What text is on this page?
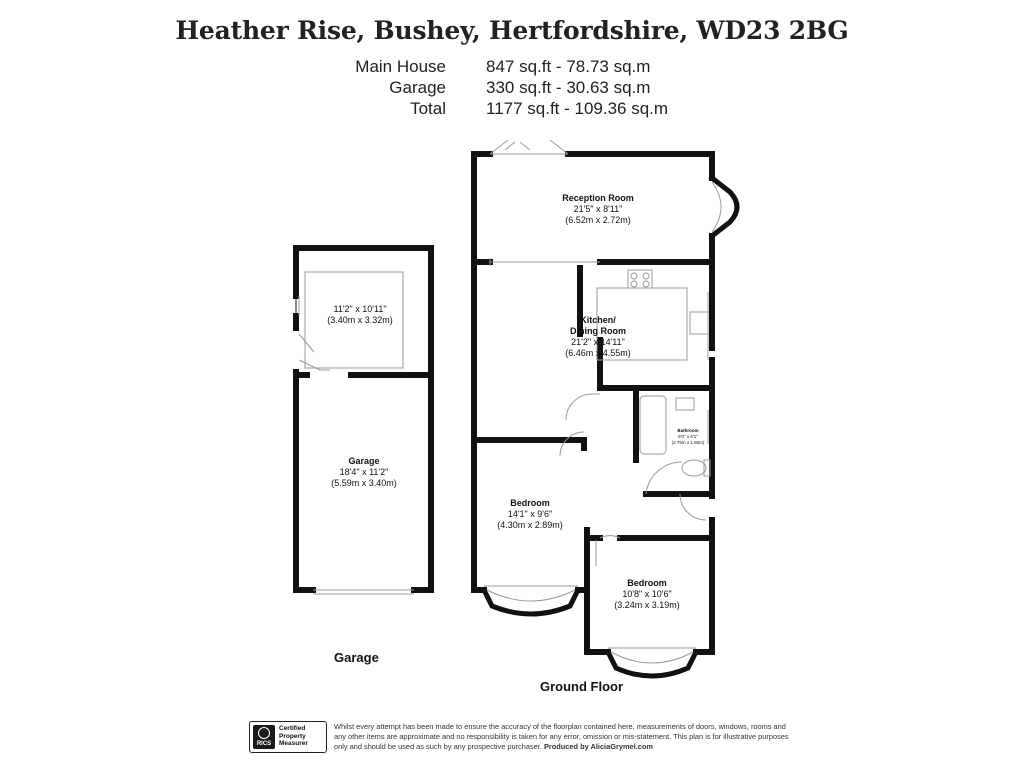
Heather Rise, Bushey, Hertfordshire, WD23 2BG
Main House 847 sq.ft - 78.73 sq.m
Garage 330 sq.ft - 30.63 sq.m
Total 1177 sq.ft - 109.36 sq.m
Reception Room
21'5" x 8'11"
(6.52m x 2.72m)
Kitchen/
Dining Room
21'2" x 14'11"
(6.46m x 4.55m)
Bathroom
9'0" x 6'1"
(2.75m x 1.86m)
Bedroom
14'1" x 9'6"
(4.30m x 2.89m)
Bedroom
10'8" x 10'6"
(3.24m x 3.19m)
11'2" x 10'11"
(3.40m x 3.32m)
Garage
18'4" x 11'2"
(5.59m x 3.40m)
Garage
Ground Floor
RICS
Certified
Property
Measurer
Whilst every attempt has been made to ensure the accuracy of the floorplan contained here, measurements of doors, windows, rooms and any other items are approximate and no responsibility is taken for any error, omission or mis-statement. This plan is for illustrative purposes only and should be used as such by any prospective purchaser. Produced by AliciaGrymel.com
